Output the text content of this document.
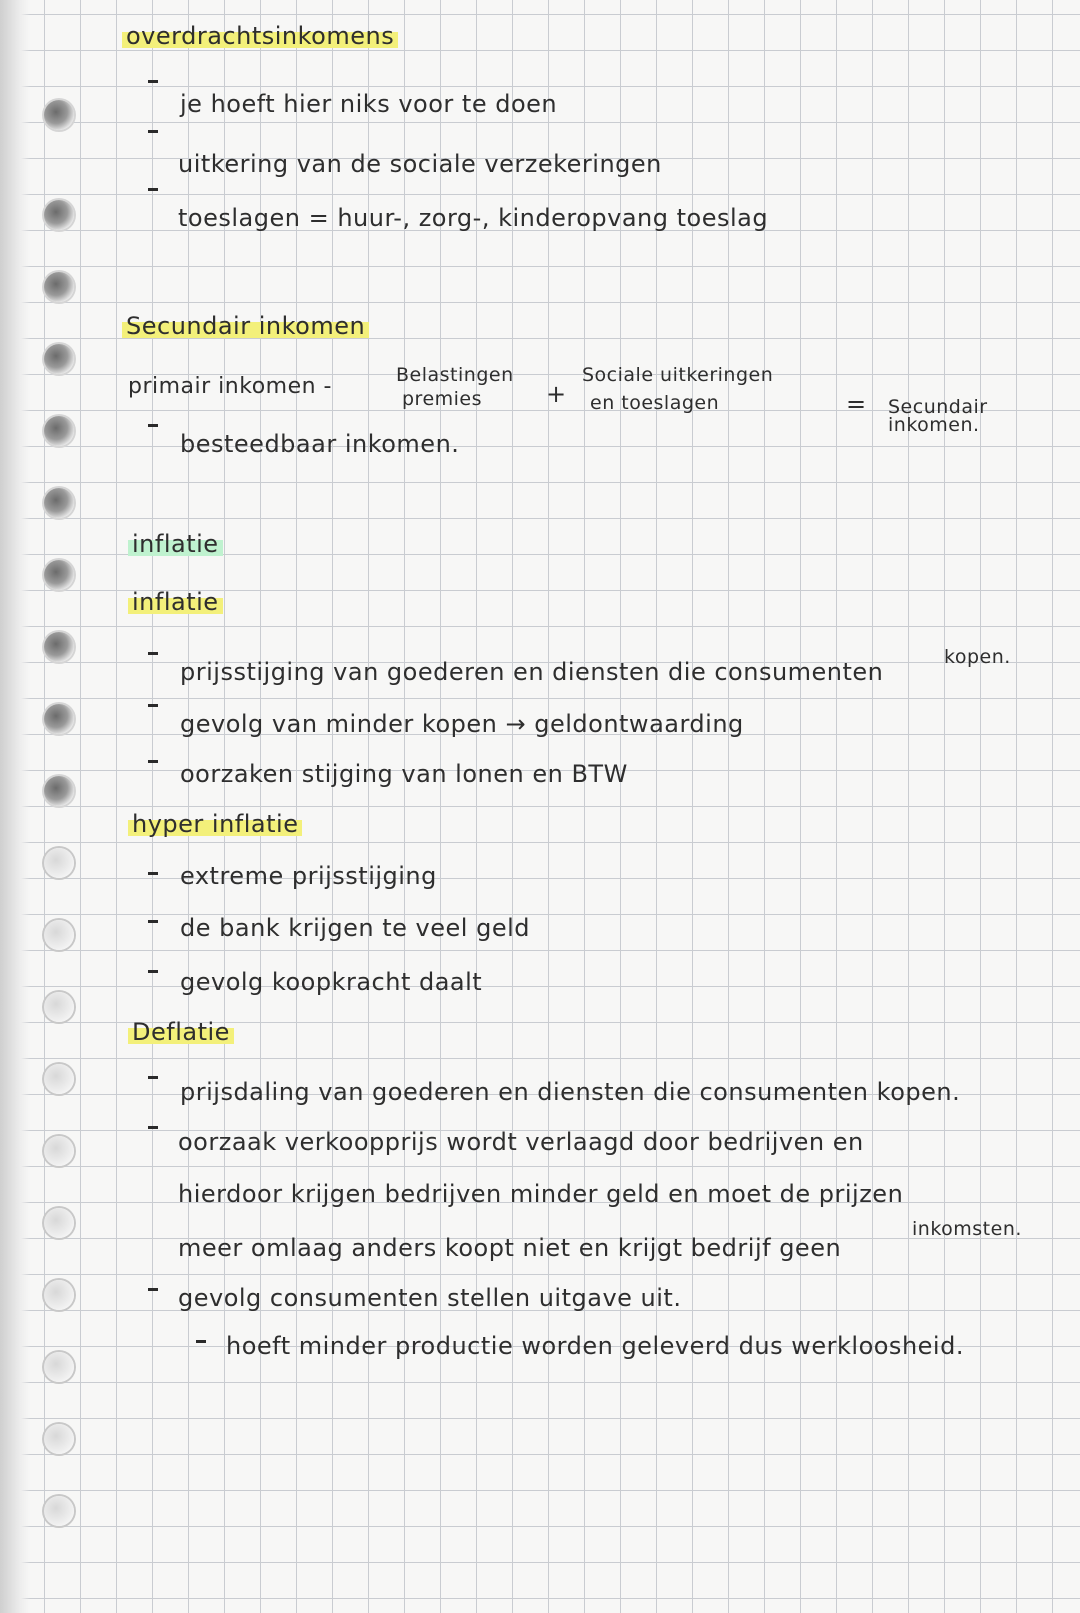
overdrachtsinkomens

je hoeft hier niks voor te doen

uitkering van de sociale verzekeringen

toeslagen = huur-, zorg-, kinderopvang toeslag

Secundair inkomen

primair inkomen -	Belastingen

premies	+

Sociale uitkeringen

en toeslagen	= Secundair

inkomen.

besteedbaar inkomen.

inflatie

inflatie

prijsstijging van goederen en diensten die consumenten

kopen.

gevolg van minder kopen → geldontwaarding

oorzaken stijging van lonen en BTW

hyper inflatie

extreme prijsstijging

de bank krijgen te veel geld

gevolg koopkracht daalt

Deflatie

prijsdaling van goederen en diensten die consumenten kopen.

oorzaak verkoopprijs wordt verlaagd door bedrijven en

hierdoor krijgen bedrijven minder geld en moet de prijzen

inkomsten.

meer omlaag anders koopt niet en krijgt bedrijf geen

gevolg consumenten stellen uitgave uit.

hoeft minder productie worden geleverd dus werkloosheid.
